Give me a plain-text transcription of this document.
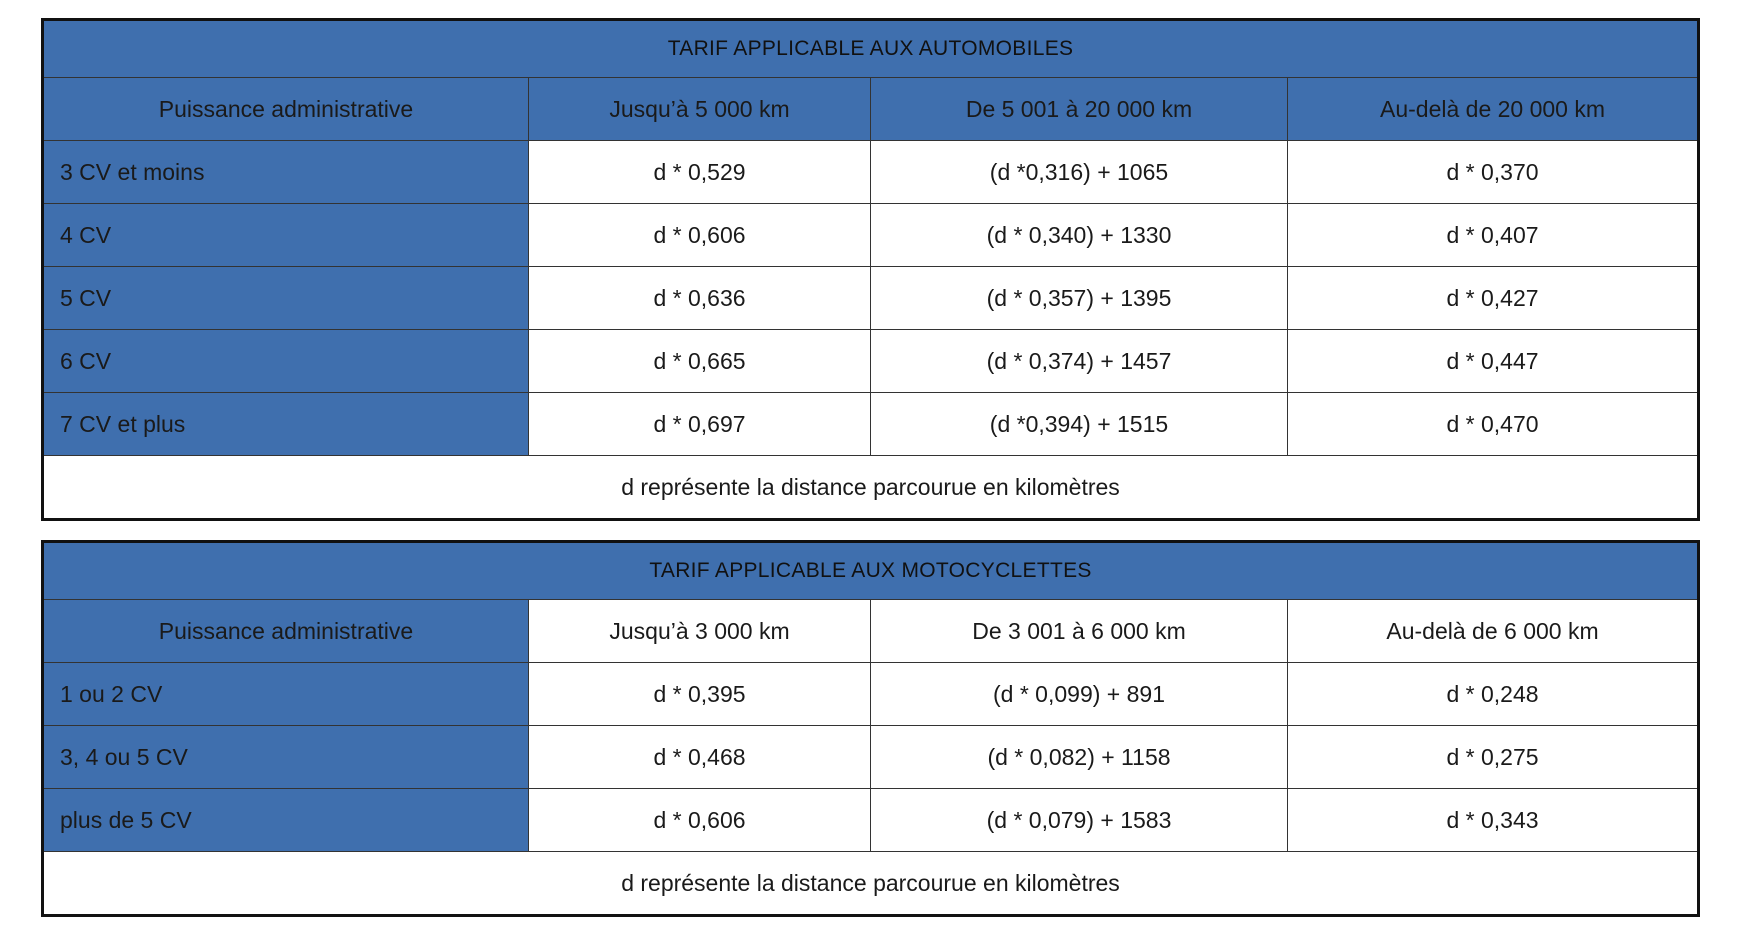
TARIF APPLICABLE AUX AUTOMOBILES			
Puissance administrative	Jusqu’à 5 000 km	De 5 001 à 20 000 km	Au-delà de 20 000 km
3 CV et moins	d * 0,529	(d *0,316) + 1065	d * 0,370
4 CV	d * 0,606	(d * 0,340) + 1330	d * 0,407
5 CV	d * 0,636	(d * 0,357) + 1395	d * 0,427
6 CV	d * 0,665	(d * 0,374) + 1457	d * 0,447
7 CV et plus	d * 0,697	(d *0,394) + 1515	d * 0,470
d représente la distance parcourue en kilomètres			
TARIF APPLICABLE AUX MOTOCYCLETTES			
Puissance administrative	Jusqu’à 3 000 km	De 3 001 à 6 000 km	Au-delà de 6 000 km
1 ou 2 CV	d * 0,395	(d * 0,099) + 891	d * 0,248
3, 4 ou 5 CV	d * 0,468	(d * 0,082) + 1158	d * 0,275
plus de 5 CV	d * 0,606	(d * 0,079) + 1583	d * 0,343
d représente la distance parcourue en kilomètres			
